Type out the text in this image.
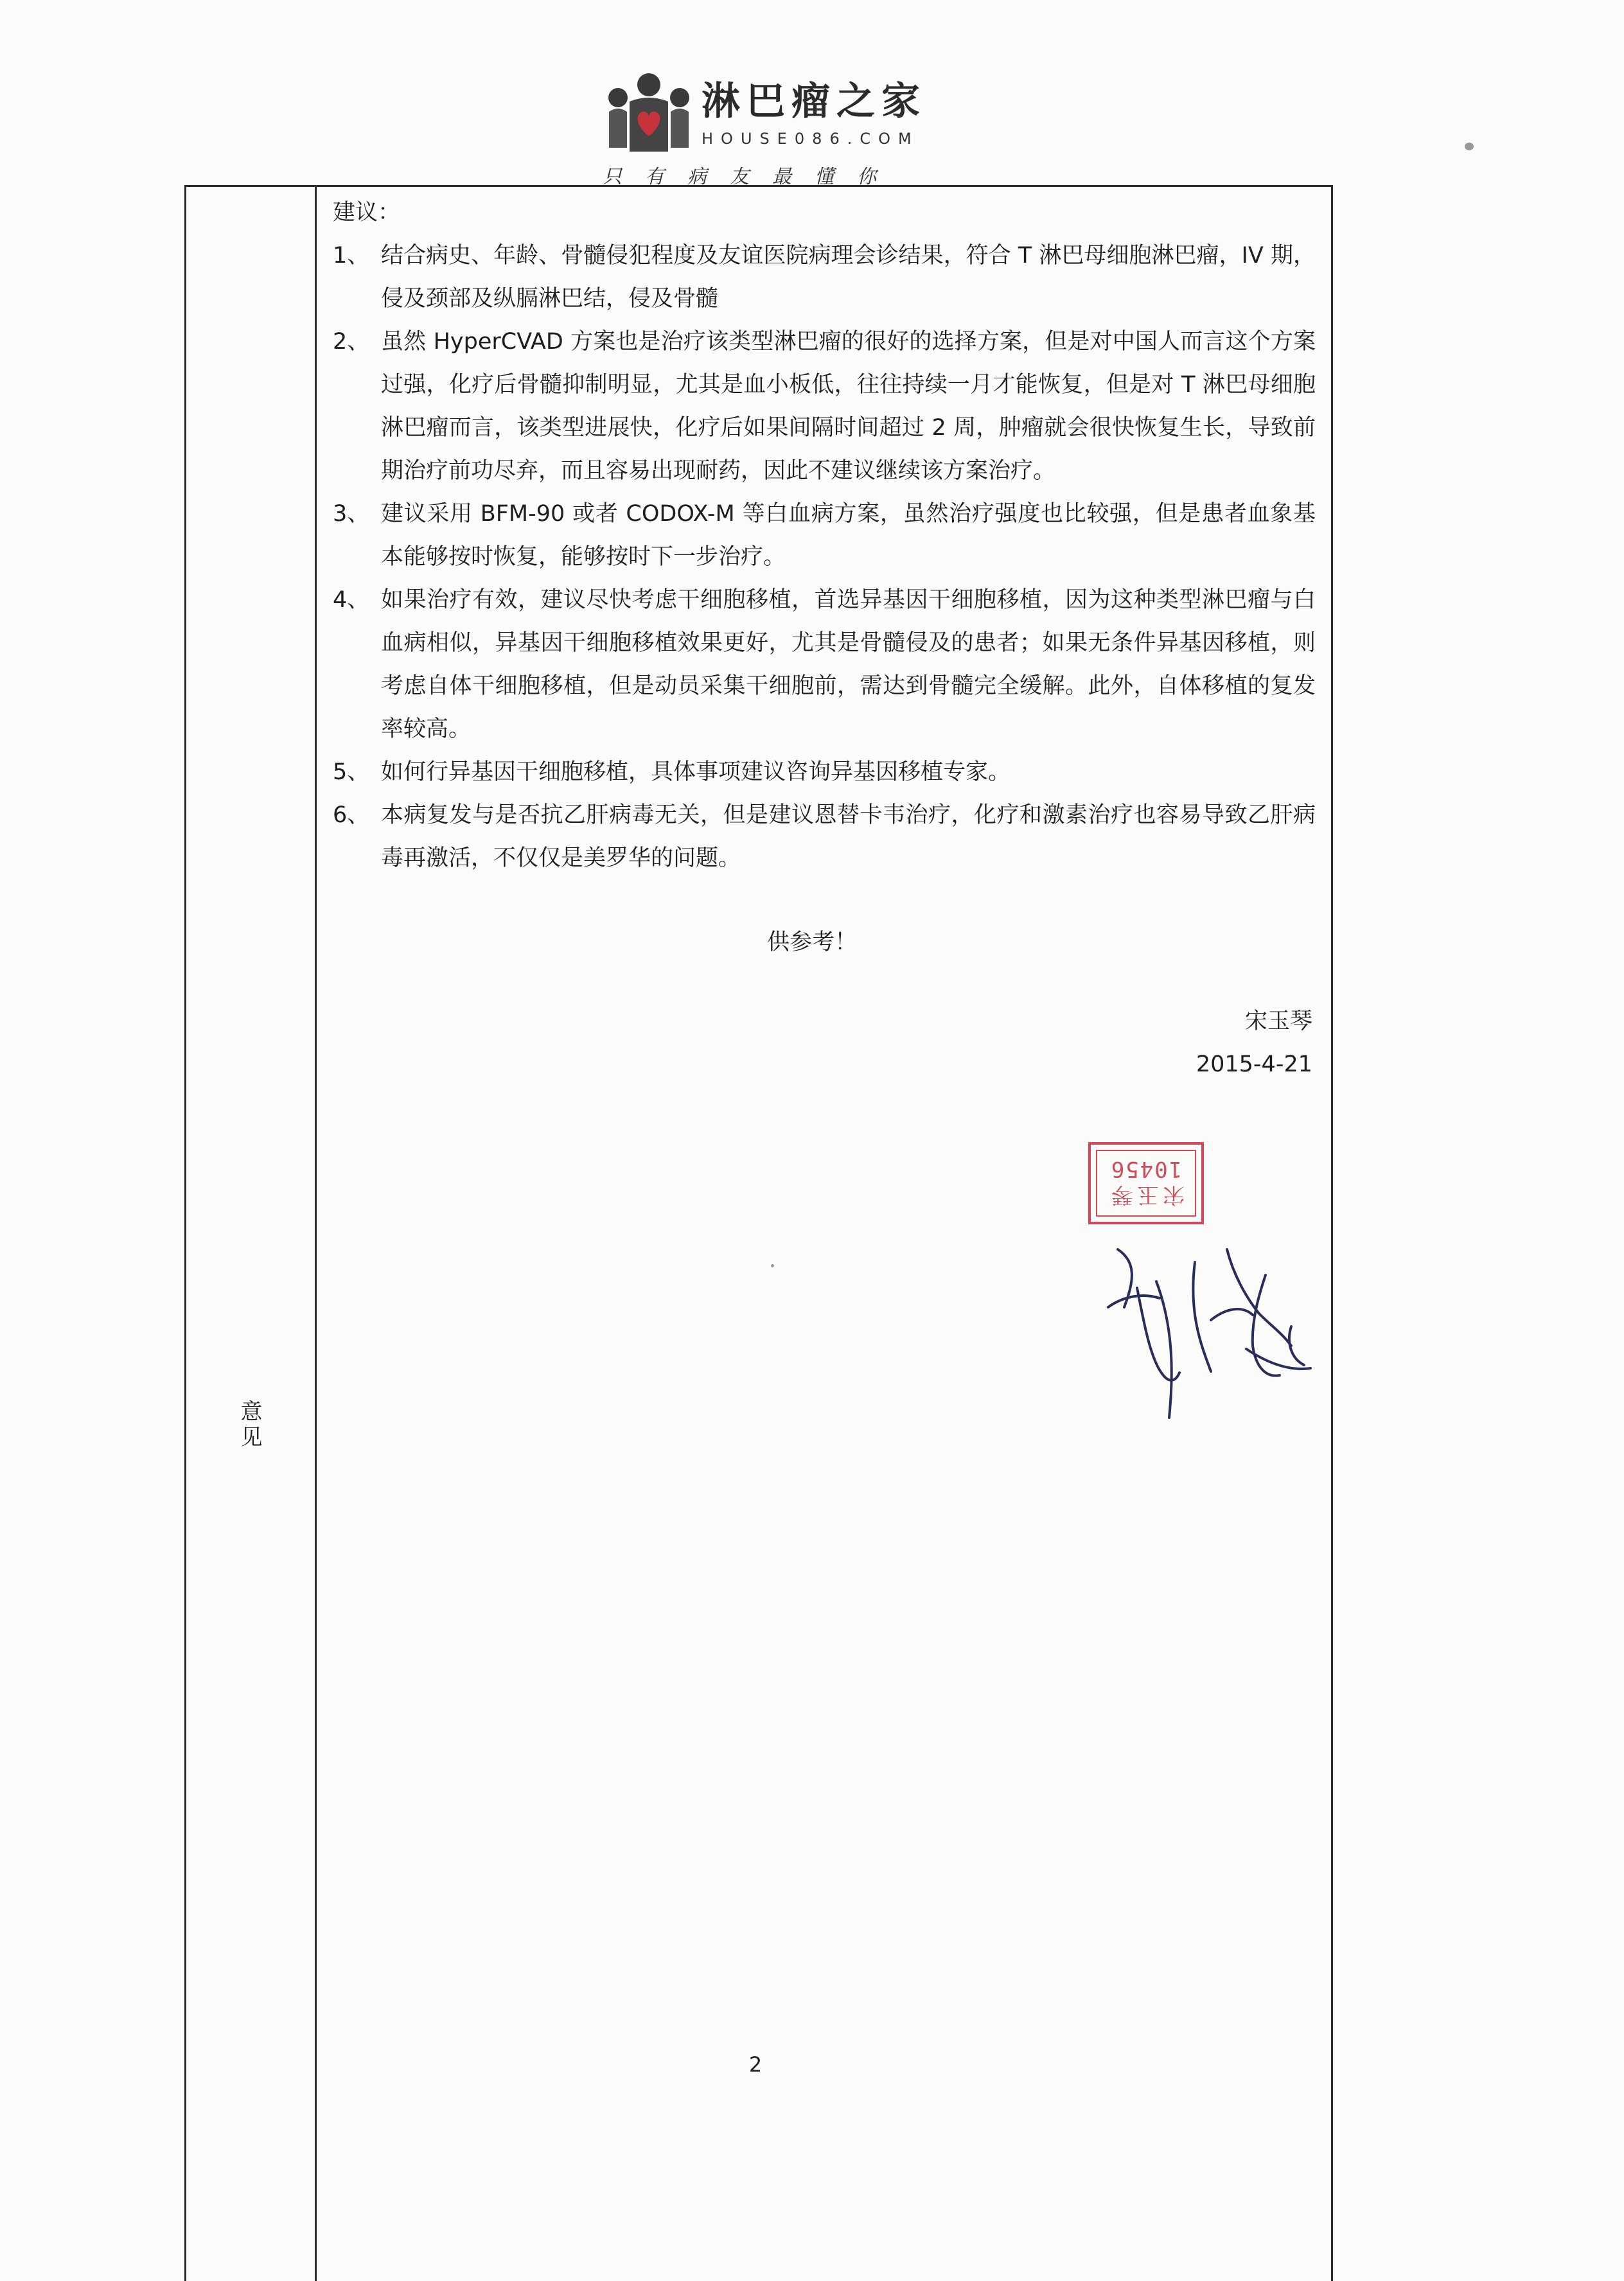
淋巴瘤之家
HOUSE086.COM
只有病友最懂你
意见

建议：

1、 结合病史、年龄、骨髓侵犯程度及友谊医院病理会诊结果，符合 T 淋巴母细胞淋巴瘤，IV 期，侵及颈部及纵膈淋巴结，侵及骨髓
2、 虽然 HyperCVAD 方案也是治疗该类型淋巴瘤的很好的选择方案，但是对中国人而言这个方案过强，化疗后骨髓抑制明显，尤其是血小板低，往往持续一月才能恢复，但是对 T 淋巴母细胞淋巴瘤而言，该类型进展快，化疗后如果间隔时间超过 2 周，肿瘤就会很快恢复生长，导致前期治疗前功尽弃，而且容易出现耐药，因此不建议继续该方案治疗。
3、 建议采用 BFM-90 或者 CODOX-M 等白血病方案，虽然治疗强度也比较强，但是患者血象基本能够按时恢复，能够按时下一步治疗。
4、 如果治疗有效，建议尽快考虑干细胞移植，首选异基因干细胞移植，因为这种类型淋巴瘤与白血病相似，异基因干细胞移植效果更好，尤其是骨髓侵及的患者；如果无条件异基因移植，则考虑自体干细胞移植，但是动员采集干细胞前，需达到骨髓完全缓解。此外，自体移植的复发率较高。
5、 如何行异基因干细胞移植，具体事项建议咨询异基因移植专家。
6、 本病复发与是否抗乙肝病毒无关，但是建议恩替卡韦治疗，化疗和激素治疗也容易导致乙肝病毒再激活，不仅仅是美罗华的问题。
供参考！
宋玉琴
2015-4-21
宋玉琴
10456
2
